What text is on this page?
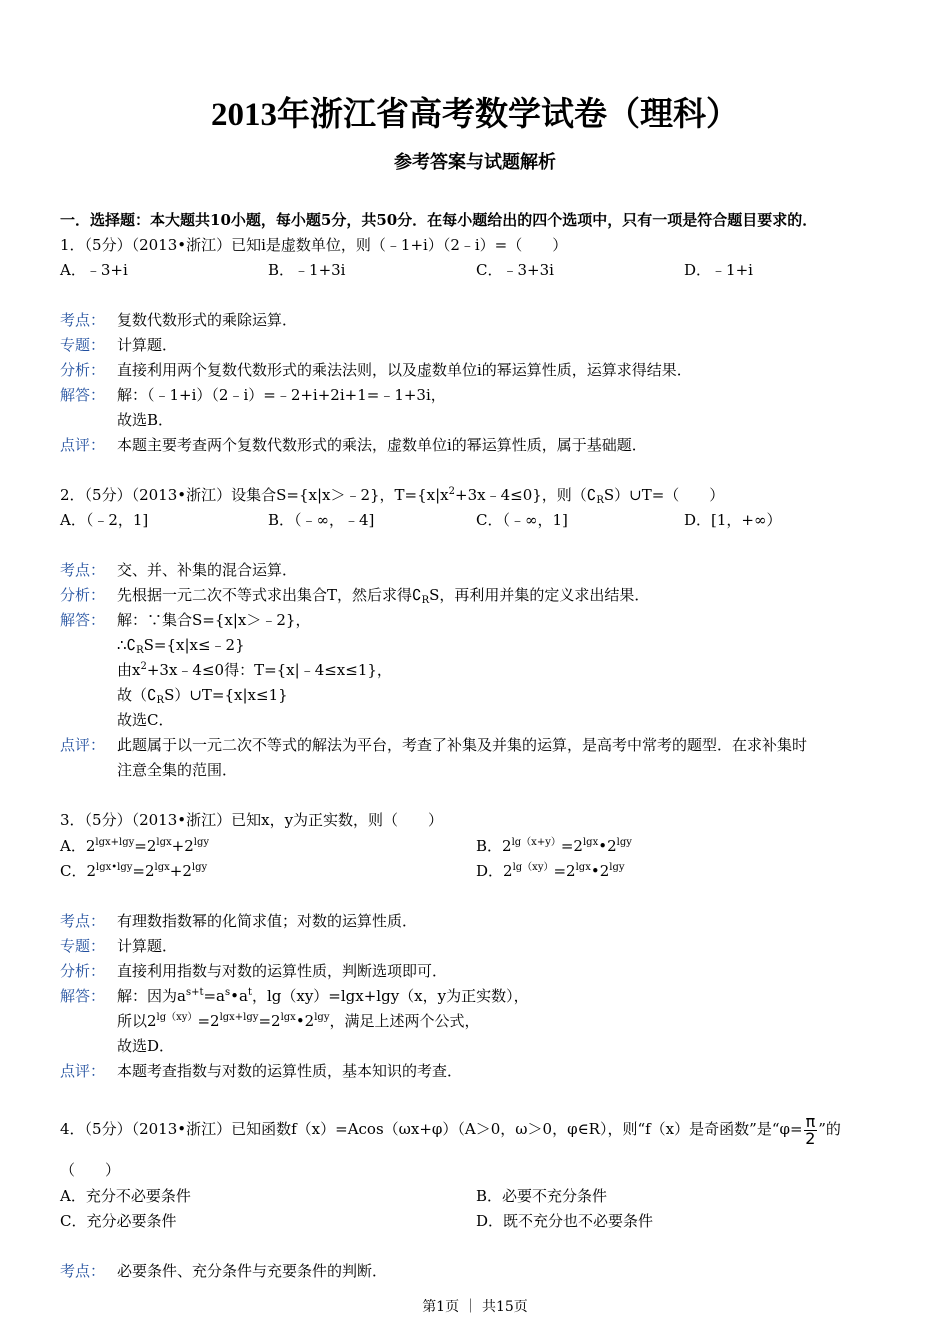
2013年浙江省高考数学试卷（理科）
参考答案与试题解析
一．选择题：本大题共10小题，每小题5分，共50分．在每小题给出的四个选项中，只有一项是符合题目要求的．
1．（5分）（2013•浙江）已知i是虚数单位，则（﹣1+i）（2﹣i）=（　　）
A．﹣3+i	B．﹣1+3i	C．﹣3+3i	D．﹣1+i
考点： 复数代数形式的乘除运算．
专题： 计算题．
分析： 直接利用两个复数代数形式的乘法法则，以及虚数单位i的幂运算性质，运算求得结果．
解答： 解：（﹣1+i）（2﹣i）=﹣2+i+2i+1=﹣1+3i，
故选B．
点评： 本题主要考查两个复数代数形式的乘法，虚数单位i的幂运算性质，属于基础题．
2．（5分）（2013•浙江）设集合S={x|x＞﹣2}，$T=\{x|x^2+3x﹣4\le 0\}$，则$(∁_RS)\cup T=$（　　）
A．（﹣2，1]	B．（﹣∞，﹣4]	C．（﹣∞，1]	D．[1，+∞）
考点： 交、并、补集的混合运算．
分析： 先根据一元二次不等式求出集合T，然后求得$∁_RS$，再利用并集的定义求出结果．
解答： 解：∵集合S={x|x＞﹣2}，
$\therefore∁_RS=\{x|x\le﹣2\}$
由$x^2+3x﹣4\le 0$得：T={x|﹣4≤x≤1}，
故$(∁_RS)\cup T=\{x|x\le 1\}$
故选C．
点评： 此题属于以一元二次不等式的解法为平台，考查了补集及并集的运算，是高考中常考的题型．在求补集时
注意全集的范围．
3．（5分）（2013•浙江）已知x，y为正实数，则（　　）
A．$2^{lgx+lgy}=2^{lgx}+2^{lgy}$	B．$2^{lg(x+y)}=2^{lgx}•2^{lgy}$
C．$2^{lgx•lgy}=2^{lgx}+2^{lgy}$	D．$2^{lg(xy)}=2^{lgx}•2^{lgy}$
考点： 有理数指数幂的化简求值；对数的运算性质．
专题： 计算题．
分析： 直接利用指数与对数的运算性质，判断选项即可．
解答： 解：因为$a^{s+t}=a^s•a^t$，lg（xy）=lgx+lgy（x，y为正实数），
所以$2^{lg(xy)}=2^{lgx+lgy}=2^{lgx}•2^{lgy}$，满足上述两个公式，
故选D．
点评： 本题考查指数与对数的运算性质，基本知识的考查．
4．（5分）（2013•浙江）已知函数f（x）=Acos（ωx+φ）（A＞0，ω＞0，φ∈R），则“f（x）是奇函数”是“$\varphi= \frac{\pi}{2}$ ”的
（　　）
A．充分不必要条件	B．必要不充分条件
C．充分必要条件	D．既不充分也不必要条件
考点： 必要条件、充分条件与充要条件的判断．
第1页 ｜ 共15页
